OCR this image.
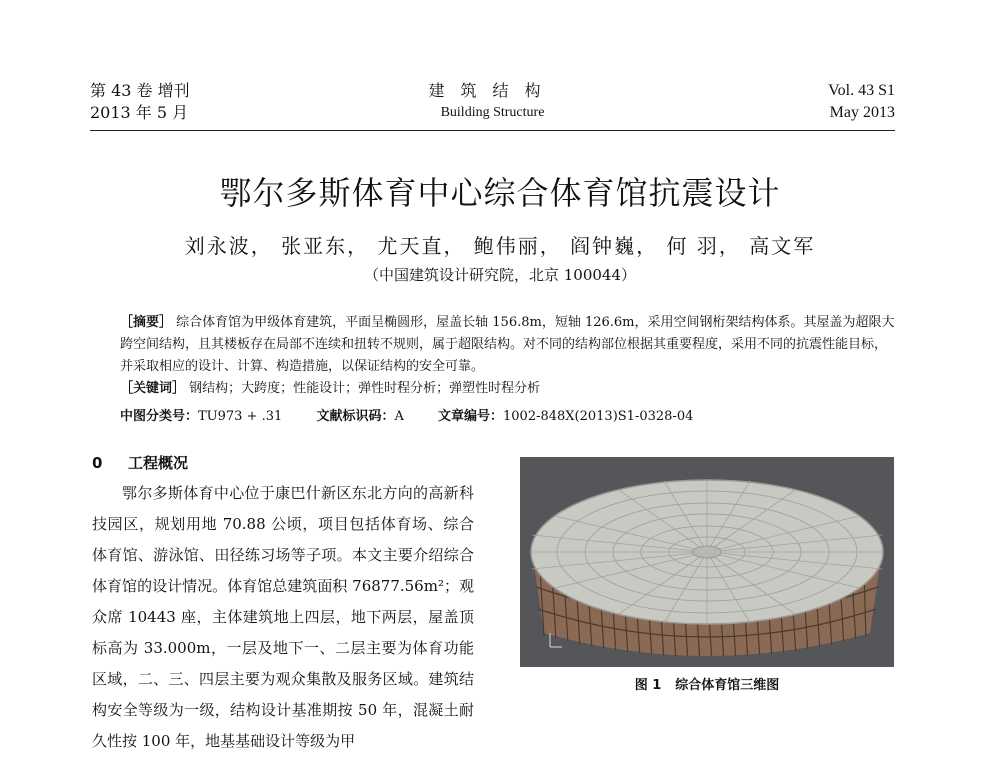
第 43 卷 增刊
2013 年 5 月
建筑结构
Building Structure
Vol. 43 S1
May 2013
鄂尔多斯体育中心综合体育馆抗震设计
刘永波， 张亚东， 尤天直， 鲍伟丽， 阎钟巍， 何 羽， 高文军
（中国建筑设计研究院，北京 100044）
［摘要］ 综合体育馆为甲级体育建筑，平面呈椭圆形，屋盖长轴 156.8m，短轴 126.6m，采用空间钢桁架结构体系。其屋盖为超限大跨空间结构，且其楼板存在局部不连续和扭转不规则，属于超限结构。对不同的结构部位根据其重要程度，采用不同的抗震性能目标，并采取相应的设计、计算、构造措施，以保证结构的安全可靠。
［关键词］ 钢结构；大跨度；性能设计；弹性时程分析；弹塑性时程分析
中图分类号：TU973 + .31	文献标识码：A	文章编号：1002-848X(2013)S1-0328-04
0 工程概况

鄂尔多斯体育中心位于康巴什新区东北方向的高新科技园区，规划用地 70.88 公顷，项目包括体育场、综合体育馆、游泳馆、田径练习场等子项。本文主要介绍综合体育馆的设计情况。体育馆总建筑面积 76877.56m²；观众席 10443 座，主体建筑地上四层，地下两层，屋盖顶标高为 33.000m，一层及地下一、二层主要为体育功能区域，二、三、四层主要为观众集散及服务区域。建筑结构安全等级为一级，结构设计基准期按 50 年，混凝土耐久性按 100 年，地基基础设计等级为甲

图 1 综合体育馆三维图
